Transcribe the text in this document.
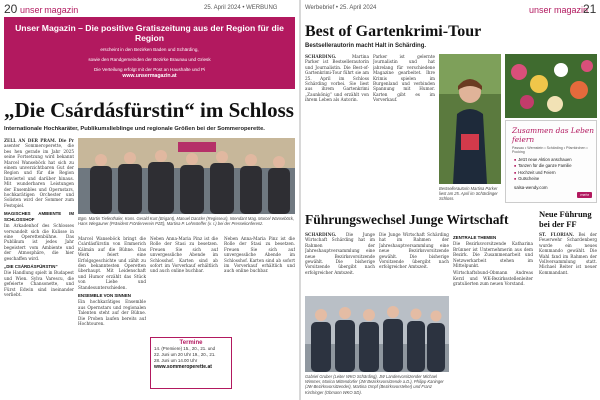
20 unser magazin	25. April 2024 • WERBUNG
Unser Magazin – Die positive Gratiszeitung aus der Region für die Region
erscheint in den Bezirken Baden und Schärding,
sowie den Randgemeinden der Bezirke Braunau und Griesk
Die Verteilung erfolgt mit der Post an Haushalte und Pi
www.unsermagazin.at
„Die Csárdásfürstin“ im Schloss
Internationale Hochkaräter, Publikumslieblinge und regionale Größen bei der Sommeroperette.

ZELL AN DER PRAM. Die Pr asenter Sommeroperette, die bes hen gerade im Jahr 2025 seine Fortsetzung wird bekannt Marcel Wanseböck hat sich zu einem unverzichtbaren Gut der Region und für die Region Innviertel und darüber hinaus. Mit wunderbaren Leistungen der Ensembles und Opernstars, hochkarätigen Orchester und Solisten wird der Sommer zum Festspiel.

MAGISCHES AMBIENTE IM SCHLOSSHOF

Im Arkadenhof des Schlosses verwandelt sich die Kulisse in eine Operettenbühne. Das Publikum ist jedes Jahr begeistert vom Ambiente und der Atmosphäre, die hier geschaffen wird.

„DIE CSÁRDÁSFÜRSTIN“

Die Handlung spielt in Budapest und Wien. Sylva Varescu, die gefeierte Chansonette, und Fürst Edwin sind ineinander verliebt.

Bgm. Martin Tiefenthaler, Kons. Gerald Kurt (Brigant), Manuel Danzler (Regisseur), Intendant Mag. Marcel Wanseböck, Hans Wiegauner (Präsident Frörderverein PZE), Martina P. Lehnsteffer (v. r.) bei der Pressekonferenz.

Marcel Wanseböck bringt die Csárdásfürstin von Emmerich Kálmán auf die Bühne. Das Werk feiert eine Erfolgsgeschichte und zählt zu den bekanntesten Operetten überhaupt. Mit Leidenschaft und Humor erzählt das Stück von Liebe und Standesunterschieden.

ENSEMBLE VON SINNEN

Ein hochkarätiges Ensemble aus Opernstars und regionalen Talenten steht auf der Bühne. Die Proben laufen bereits auf Hochtouren.

Neben Anna-Maria Pinz ist die Rolle der Stasi zu besetzen. Freuen Sie sich auf unvergessliche Abende im Schlosshof. Karten sind ab sofort im Vorverkauf erhältlich und auch online buchbar.

Termine
14. (Premiere) 15., 20., 21. und
22. Juni um 20 Uhr 19., 20., 21.
28. Juni um 14.00 Uhr
www.sommeroperette.at

Neben Anna-Maria Pinz ist die Rolle der Stasi zu besetzen. Freuen Sie sich auf unvergessliche Abende im Schlosshof. Karten sind ab sofort im Vorverkauf erhältlich und auch online buchbar.

Werbebrief • 25. April 2024	unser magazin
21
Best of Gartenkrimi-Tour
Bestsellerautorin macht Halt in Schärding.

SCHÄRDING.	Martina Parker ist Bestsellerautorin und Journalistin. Die Best-of-Gartenkrimi-Tour führt sie am 25. April im Schloss Schärding vorbei. Sie liest aus ihrem Gartenkrimi „Zaunkönig“ und erzählt von ihrem Leben als Autorin.

Parker ist gelernte Journalistin und hat jahrelang für verschiedene Magazine gearbeitet. Ihre Krimis spielen im Burgenland und verbinden Spannung mit Humor. Karten gibt es im Vorverkauf.

Bestsellerautorin Martina Parker liest am 25. April im Schärdinger Schloss.
Zusammen das Leben feiern
Passau • Wernstein • Schärding • Pfarrkirchen • Pocking
■ Jetzt neue Aktion anschauen
■ Tanzen für die ganze Familie
■ Hochzeit und Feiern
■ Gutscheine
salsa-wendy.com
mehr
Führungswechsel Junge Wirtschaft

SCHÄRDING. Die Junge Wirtschaft Schärding hat im Rahmen der Jahreshauptversammlung eine neue Bezirksvorsitzende gewählt. Die bisherige Vorsitzende übergibt nach erfolgreicher Amtszeit.

Die Junge Wirtschaft Schärding hat im Rahmen der Jahreshauptversammlung eine neue Bezirksvorsitzende gewählt. Die bisherige Vorsitzende übergibt nach erfolgreicher Amtszeit.

ZENTRALE THEMEN

Die Bezirksvorsitzende Katharina Brünner ist Unternehmerin aus dem Bezirk. Die Zusammenarbeit und Netzwerkarbeit stehen im Mittelpunkt.

Wirtschaftsbund-Obmann Andreas Kerzl und WK-Bezirksstellenleiter gratulierten zum neuen Vorstand.

Gabriel Gruber (Leiter WKO Schärding), JW Landesvorsitzender Michael Wimmer, Marina Mittendorfer (JW Bezirksvorsitzende a.D.), Philipp Kaninger (JW-Bezirksvorsitzender), Martina Ornpf (Bezirksvorsteher) und Franz Kirchinger (Obmann WKO SD).
Neue Führung bei der FF

ST. FLORIAN. Bei der Feuerwehr Schardenberg wurde ein neues Kommando gewählt. Die Wahl fand im Rahmen der Vollversammlung statt. Michael Reiter ist neuer Kommandant.
